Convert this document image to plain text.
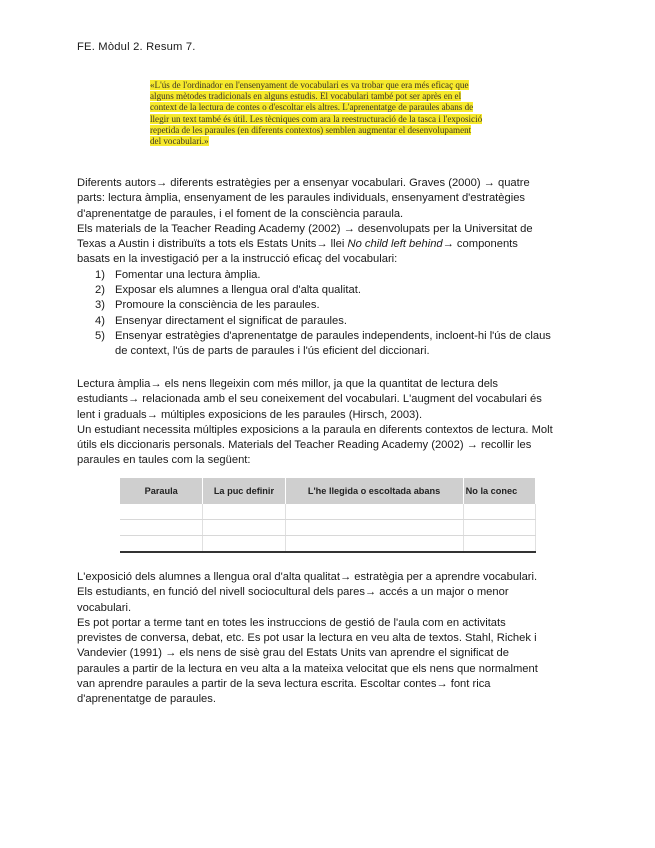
FE. Mòdul 2. Resum 7.
«L'ús de l'ordinador en l'ensenyament de vocabulari es va trobar que era més eficaç que
alguns mètodes tradicionals en alguns estudis. El vocabulari també pot ser après en el
context de la lectura de contes o d'escoltar els altres. L'aprenentatge de paraules abans de
llegir un text també és útil. Les tècniques com ara la reestructuració de la tasca i l'exposició
repetida de les paraules (en diferents contextos) semblen augmentar el desenvolupament
del vocabulari.»

Diferents autors→ diferents estratègies per a ensenyar vocabulari. Graves (2000) → quatre

parts: lectura àmplia, ensenyament de les paraules individuals, ensenyament d'estratègies

d'aprenentatge de paraules, i el foment de la consciència paraula.

Els materials de la Teacher Reading Academy (2002) → desenvolupats per la Universitat de

Texas a Austin i distribuïts a tots els Estats Units→ llei No child left behind→ components

basats en la investigació per a la instrucció eficaç del vocabulari:

1) Fomentar una lectura àmplia.
2) Exposar els alumnes a llengua oral d'alta qualitat.
3) Promoure la consciència de les paraules.
4) Ensenyar directament el significat de paraules.
5) Ensenyar estratègies d'aprenentatge de paraules independents, incloent-hi l'ús de claus
de context, l'ús de parts de paraules i l'ús eficient del diccionari.

Lectura àmplia→ els nens llegeixin com més millor, ja que la quantitat de lectura dels

estudiants→ relacionada amb el seu coneixement del vocabulari. L'augment del vocabulari és

lent i graduals→ múltiples exposicions de les paraules (Hirsch, 2003).

Un estudiant necessita múltiples exposicions a la paraula en diferents contextos de lectura. Molt

útils els diccionaris personals. Materials del Teacher Reading Academy (2002) → recollir les

paraules en taules com la següent:

Paraula	La puc definir	L'he llegida o escoltada abans	No la conec

L'exposició dels alumnes a llengua oral d'alta qualitat→ estratègia per a aprendre vocabulari.

Els estudiants, en funció del nivell sociocultural dels pares→ accés a un major o menor

vocabulari.

Es pot portar a terme tant en totes les instruccions de gestió de l'aula com en activitats

previstes de conversa, debat, etc. Es pot usar la lectura en veu alta de textos. Stahl, Richek i

Vandevier (1991) → els nens de sisè grau del Estats Units van aprendre el significat de

paraules a partir de la lectura en veu alta a la mateixa velocitat que els nens que normalment

van aprendre paraules a partir de la seva lectura escrita. Escoltar contes→ font rica

d'aprenentatge de paraules.
